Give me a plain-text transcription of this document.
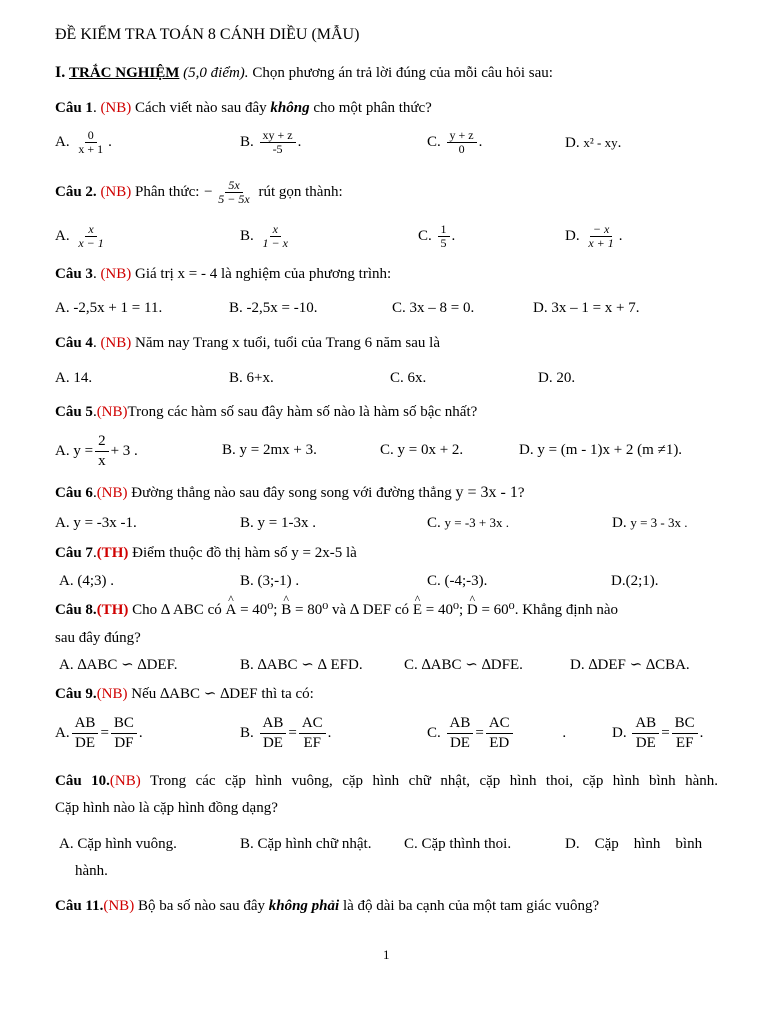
ĐỀ KIỂM TRA TOÁN 8 CÁNH DIỀU (MẪU)
I. TRẮC NGHIỆM (5,0 điểm). Chọn phương án trả lời đúng của mỗi câu hỏi sau:
Câu 1. (NB) Cách viết nào sau đây không cho một phân thức?
A. $\frac{0}{x + 1}$ .	B. $\frac{xy + z}{-5}$ .	C. $\frac{y + z}{0}$ .	D. x² - xy.
Câu 2. (NB) Phân thức: − $\frac{5x}{5 - 5x}$ rút gọn thành:
A. $\frac{x}{x - 1}$	B. $\frac{x}{1 - x}$	C. $\frac{1}{5}$ .	D. $\frac{- x}{x + 1}$ .
Câu 3. (NB) Giá trị x = - 4 là nghiệm của phương trình:
A. -2,5x + 1 = 11.	B. -2,5x = -10.	C. 3x – 8 = 0.	D. 3x – 1 = x + 7.
Câu 4. (NB) Năm nay Trang x tuổi, tuổi của Trang 6 năm sau là
A. 14.	B. 6+x.	C. 6x.	D. 20.
Câu 5.(NB)Trong các hàm số sau đây hàm số nào là hàm số bậc nhất?
A. $y = \frac{2}{x} + 3$ .	B. y = 2mx + 3.	C. y = 0x + 2.	D. y = (m - 1)x + 2 (m ≠1).
Câu 6.(NB) Đường thẳng nào sau đây song song với đường thẳng y = 3x - 1?
A. y = -3x -1.	B. y = 1-3x .	C. y = -3 + 3x .	D. y = 3 - 3x .
Câu 7.(TH) Điểm thuộc đồ thị hàm số y = 2x-5 là
A. (4;3) .	B. (3;-1) .	C. (-4;-3).	D.(2;1).
Câu 8.(TH) Cho ∆ ABC có
^
A = 40⁰;
^
B = 80⁰ và ∆ DEF có
^
E = 40⁰;
^
D = 60⁰. Khẳng định nào
sau đây đúng?
A. ∆ABC ∽ ∆DEF.	B. ∆ABC ∽ ∆ EFD.	C. ∆ABC ∽ ∆DFE.	D. ∆DEF ∽ ∆CBA.
Câu 9.(NB) Nếu ∆ABC ∽ ∆DEF thì ta có:
A. $\frac{AB}{DE} = \frac{BC}{DF}$ .	B. $\frac{AB}{DE} = \frac{AC}{EF}$ .	C. $\frac{AB}{DE} = \frac{AC}{ED}$	.	D. $\frac{AB}{DE} = \frac{BC}{EF}$ .
Câu 10.(NB) Trong các cặp hình vuông, cặp hình chữ nhật, cặp hình thoi, cặp hình bình hành.
Cặp hình nào là cặp hình đồng dạng?
A. Cặp hình vuông.	B. Cặp hình chữ nhật. C. Cặp thình thoi.	D.    Cặp    hình    bình
hành.
Câu 11.(NB) Bộ ba số nào sau đây không phải là độ dài ba cạnh của một tam giác vuông?
1
